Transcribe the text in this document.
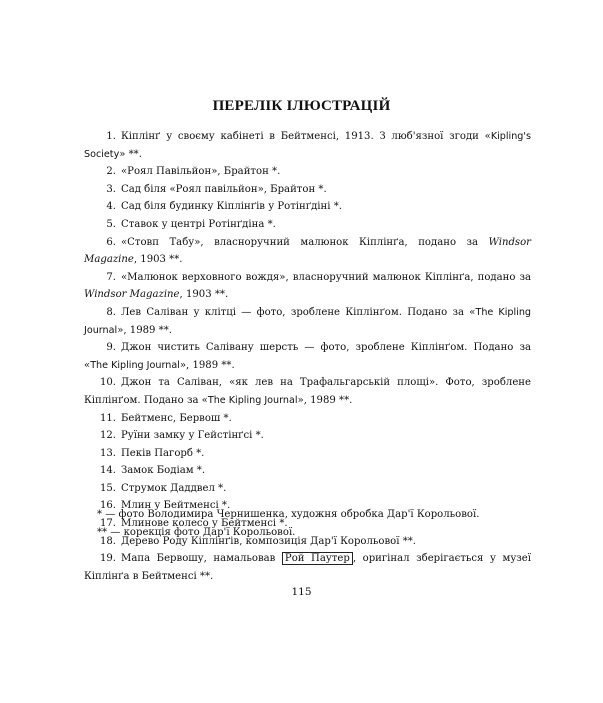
ПЕРЕЛІК ІЛЮСТРАЦІЙ

1. Кіплінґ у своєму кабінеті в Бейтменсі, 1913. З люб'язної згоди «Kipling's Society» **.

2. «Роял Павільйон», Брайтон *.

3. Сад біля «Роял павільйон», Брайтон *.

4. Сад біля будинку Кіплінґів у Ротінґдіні *.

5. Ставок у центрі Ротінґдіна *.

6. «Стовп Табу», власноручний малюнок Кіплінґа, подано за Windsor Magazine, 1903 **.

7. «Малюнок верховного вождя», власноручний малюнок Кіплінґа, подано за Windsor Magazine, 1903 **.

8. Лев Саліван у клітці — фото, зроблене Кіплінґом. Подано за «The Kipling Journal», 1989 **.

9. Джон чистить Салівану шерсть — фото, зроблене Кіплінґом. Подано за «The Kipling Journal», 1989 **.

10. Джон та Саліван, «як лев на Трафальгарській площі». Фото, зроблене Кіплінґом. Подано за «The Kipling Journal», 1989 **.

11. Бейтменс, Бервош *.

12. Руїни замку у Гейстінґсі *.

13. Пеків Пагорб *.

14. Замок Бодіам *.

15. Струмок Даддвел *.

16. Млин у Бейтменсі *.

17. Млинове колесо у Бейтменсі *.

18. Дерево Роду Кіплінґів, композиція Дар'ї Корольової **.

19. Мапа Бервошу, намальовав Рой Паутер , оригінал зберігається у музеї Кіплінґа в Бейтменсі **.

* — фото Володимира Чернишенка, художня обробка Дар'ї Корольової.

** — корекція фото Дар'ї Корольової.

115
